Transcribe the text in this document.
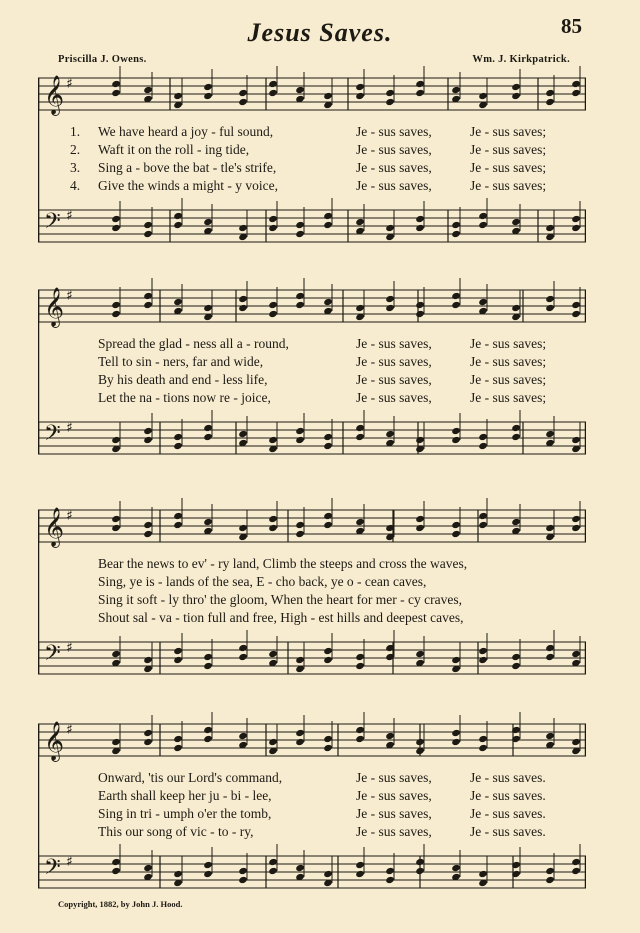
85
Jesus Saves.
Priscilla J. Owens.	Wm. J. Kirkpatrick.
𝄞 ♯
𝄢 ♯
1. We have heard a joy - ful sound,	Je - sus saves,	Je - sus saves;
2. Waft it on the roll - ing tide,	Je - sus saves,	Je - sus saves;
3. Sing a - bove the bat - tle's strife,	Je - sus saves,	Je - sus saves;
4. Give the winds a might - y voice,	Je - sus saves,	Je - sus saves;
𝄞 ♯
𝄢 ♯
Spread the glad - ness all a - round,	Je - sus saves,	Je - sus saves;
Tell to sin - ners, far and wide,	Je - sus saves,	Je - sus saves;
By his death and end - less life,	Je - sus saves,	Je - sus saves;
Let the na - tions now re - joice,	Je - sus saves,	Je - sus saves;
𝄞 ♯
𝄢 ♯
Bear the news to ev' - ry land, Climb the steeps and cross the waves,
Sing, ye is - lands of the sea, E - cho back, ye o - cean caves,
Sing it soft - ly thro' the gloom, When the heart for mer - cy craves,
Shout sal - va - tion full and free, High - est hills and deepest caves,
𝄞 ♯
𝄢 ♯
Onward, 'tis our Lord's command,	Je - sus saves,	Je - sus saves.
Earth shall keep her ju - bi - lee,	Je - sus saves,	Je - sus saves.
Sing in tri - umph o'er the tomb,	Je - sus saves,	Je - sus saves.
This our song of vic - to - ry,	Je - sus saves,	Je - sus saves.
Copyright, 1882, by John J. Hood.
